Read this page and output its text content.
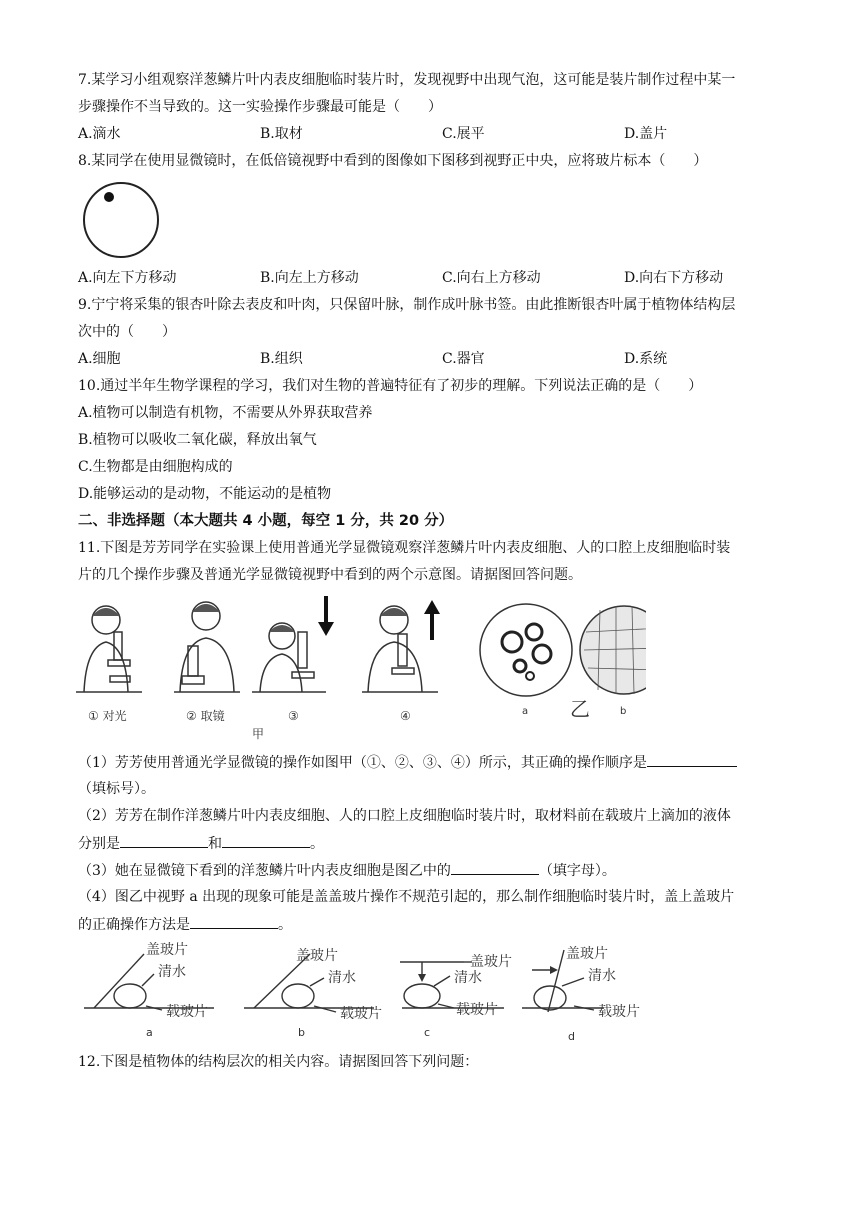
7.某学习小组观察洋葱鳞片叶内表皮细胞临时装片时，发现视野中出现气泡，这可能是装片制作过程中某一
步骤操作不当导致的。这一实验操作步骤最可能是（　　）
A.滴水	B.取材	C.展平	D.盖片
8.某同学在使用显微镜时，在低倍镜视野中看到的图像如下图移到视野正中央，应将玻片标本（　　）
A.向左下方移动	B.向左上方移动	C.向右上方移动	D.向右下方移动
9.宁宁将采集的银杏叶除去表皮和叶肉，只保留叶脉，制作成叶脉书签。由此推断银杏叶属于植物体结构层
次中的（　　）
A.细胞	B.组织	C.器官	D.系统
10.通过半年生物学课程的学习，我们对生物的普遍特征有了初步的理解。下列说法正确的是（　　）
A.植物可以制造有机物，不需要从外界获取营养
B.植物可以吸收二氧化碳，释放出氧气
C.生物都是由细胞构成的
D.能够运动的是动物，不能运动的是植物
二、非选择题（本大题共 4 小题，每空 1 分，共 20 分）
11.下图是芳芳同学在实验课上使用普通光学显微镜观察洋葱鳞片叶内表皮细胞、人的口腔上皮细胞临时装
片的几个操作步骤及普通光学显微镜视野中看到的两个示意图。请据图回答问题。
① 对光	② 取镜	③	④	a	b
甲
乙
（1）芳芳使用普通光学显微镜的操作如图甲（①、②、③、④）所示，其正确的操作顺序是
（填标号）。
（2）芳芳在制作洋葱鳞片叶内表皮细胞、人的口腔上皮细胞临时装片时，取材料前在载玻片上滴加的液体
分别是	和	。
（3）她在显微镜下看到的洋葱鳞片叶内表皮细胞是图乙中的	（填字母）。
（4）图乙中视野 a 出现的现象可能是盖盖玻片操作不规范引起的，那么制作细胞临时装片时，盖上盖玻片
的正确操作方法是	。
盖玻片
清水
载玻片
a
盖玻片
清水
载玻片
b
盖玻片
清水
载玻片
c
盖玻片
清水
载玻片
d
12.下图是植物体的结构层次的相关内容。请据图回答下列问题：
